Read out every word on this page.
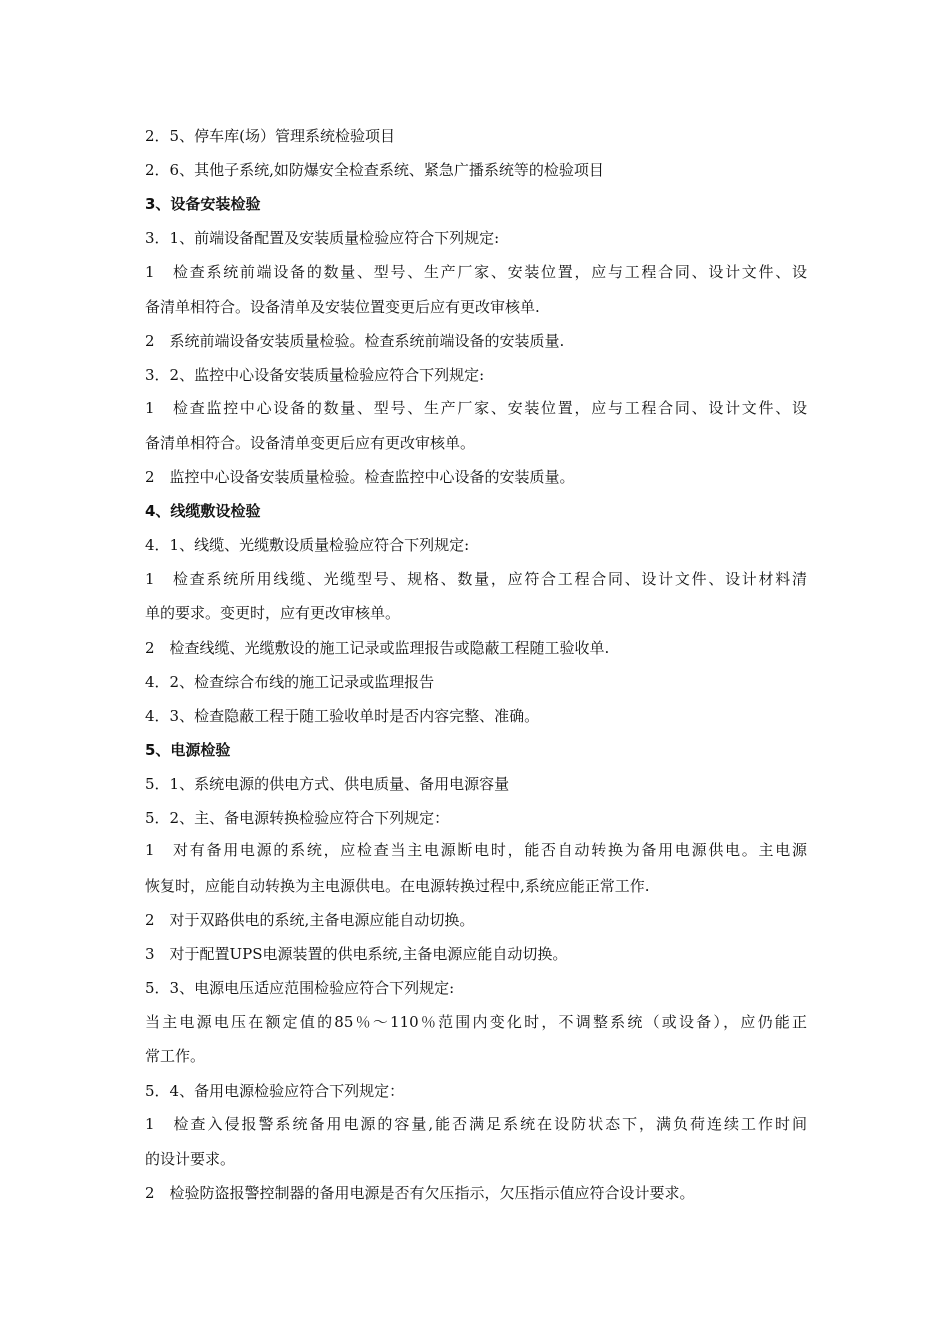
2．5、停车库(场）管理系统检验项目
2．6、其他子系统,如防爆安全检查系统、紧急广播系统等的检验项目
3、设备安装检验
3．1、前端设备配置及安装质量检验应符合下列规定:
1　检查系统前端设备的数量、型号、生产厂家、安装位置，应与工程合同、设计文件、设
备清单相符合。设备清单及安装位置变更后应有更改审核单.
2　系统前端设备安装质量检验。检查系统前端设备的安装质量.
3．2、监控中心设备安装质量检验应符合下列规定:
1　检查监控中心设备的数量、型号、生产厂家、安装位置，应与工程合同、设计文件、设
备清单相符合。设备清单变更后应有更改审核单。
2　监控中心设备安装质量检验。检查监控中心设备的安装质量。
4、线缆敷设检验
4．1、线缆、光缆敷设质量检验应符合下列规定:
1　检查系统所用线缆、光缆型号、规格、数量，应符合工程合同、设计文件、设计材料清
单的要求。变更时，应有更改审核单。
2　检查线缆、光缆敷设的施工记录或监理报告或隐蔽工程随工验收单.
4．2、检查综合布线的施工记录或监理报告
4．3、检查隐蔽工程于随工验收单时是否内容完整、准确。
5、电源检验
5．1、系统电源的供电方式、供电质量、备用电源容量
5．2、主、备电源转换检验应符合下列规定：
1　对有备用电源的系统，应检查当主电源断电时，能否自动转换为备用电源供电。主电源
恢复时，应能自动转换为主电源供电。在电源转换过程中,系统应能正常工作.
2　对于双路供电的系统,主备电源应能自动切换。
3　对于配置UPS电源装置的供电系统,主备电源应能自动切换。
5．3、电源电压适应范围检验应符合下列规定:
当主电源电压在额定值的85％～110％范围内变化时，不调整系统（或设备），应仍能正
常工作。
5．4、备用电源检验应符合下列规定：
1　检查入侵报警系统备用电源的容量,能否满足系统在设防状态下，满负荷连续工作时间
的设计要求。
2　检验防盗报警控制器的备用电源是否有欠压指示，欠压指示值应符合设计要求。
